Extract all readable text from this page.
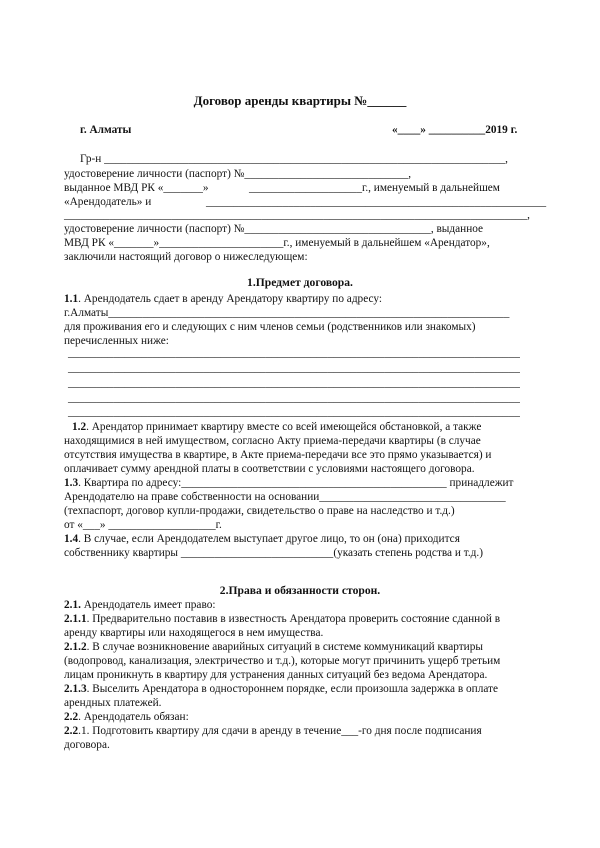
Договор аренды квартиры №______
г. Алматы	«____» __________2019 г.
Гр-н _______________________________________________________________________,
удостоверение личности (паспорт) №_____________________________,
выданное МВД РК «_______»	____________________г., именуемый в дальнейшем
«Арендодатель» и	______________________________________________________________
__________________________________________________________________________________,
удостоверение личности (паспорт) №_________________________________, выданное
МВД РК «_______»______________________г., именуемый в дальнейшем «Арендатор»,
заключили настоящий договор о нижеследующем:
1.Предмет договора.
1.1. Арендодатель сдает в аренду Арендатору квартиру по адресу:
г.Алматы_______________________________________________________________________
для проживания его и следующих с ним членов семьи (родственников или знакомых)
перечисленных ниже:
________________________________________________________________________________
________________________________________________________________________________
________________________________________________________________________________
________________________________________________________________________________
________________________________________________________________________________
1.2. Арендатор принимает квартиру вместе со всей имеющейся обстановкой, а также
находящимися в ней имуществом, согласно Акту приема-передачи квартиры (в случае
отсутствия имущества в квартире, в Акте приема-передачи все это прямо указывается) и
оплачивает сумму арендной платы в соответствии с условиями настоящего договора.
1.3. Квартира по адресу:_______________________________________________ принадлежит
Арендодателю на праве собственности на основании_________________________________
(техпаспорт, договор купли-продажи, свидетельство о праве на наследство и т.д.)
от «___» ___________________г.
1.4. В случае, если Арендодателем выступает другое лицо, то он (она) приходится
собственнику квартиры ___________________________(указать степень родства и т.д.)
2.Права и обязанности сторон.
2.1. Арендодатель имеет право:
2.1.1. Предварительно поставив в известность Арендатора проверить состояние сданной в
аренду квартиры или находящегося в нем имущества.
2.1.2. В случае возникновение аварийных ситуаций в системе коммуникаций квартиры
(водопровод, канализация, электричество и т.д.), которые могут причинить ущерб третьим
лицам проникнуть в квартиру для устранения данных ситуаций без ведома Арендатора.
2.1.3. Выселить Арендатора в одностороннем порядке, если произошла задержка в оплате
арендных платежей.
2.2. Арендодатель обязан:
2.2.1. Подготовить квартиру для сдачи в аренду в течение___-го дня после подписания
договора.
